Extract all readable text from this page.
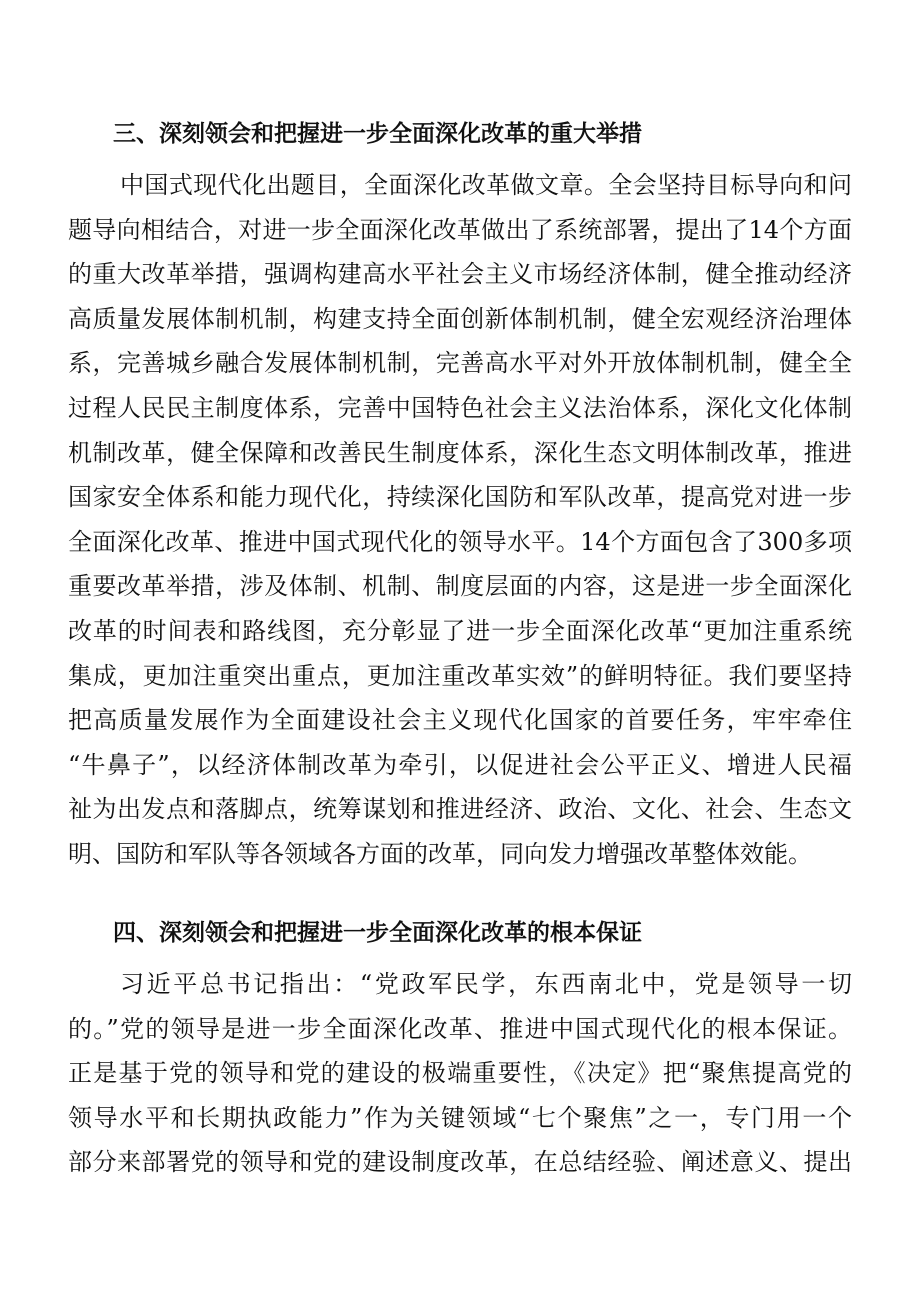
三、深刻领会和把握进一步全面深化改革的重大举措
中国式现代化出题目，全面深化改革做文章。全会坚持目标导向和问
题导向相结合，对进一步全面深化改革做出了系统部署，提出了14个方面
的重大改革举措，强调构建高水平社会主义市场经济体制，健全推动经济
高质量发展体制机制，构建支持全面创新体制机制，健全宏观经济治理体
系，完善城乡融合发展体制机制，完善高水平对外开放体制机制，健全全
过程人民民主制度体系，完善中国特色社会主义法治体系，深化文化体制
机制改革，健全保障和改善民生制度体系，深化生态文明体制改革，推进
国家安全体系和能力现代化，持续深化国防和军队改革，提高党对进一步
全面深化改革、推进中国式现代化的领导水平。14个方面包含了300多项
重要改革举措，涉及体制、机制、制度层面的内容，这是进一步全面深化
改革的时间表和路线图，充分彰显了进一步全面深化改革“更加注重系统
集成，更加注重突出重点，更加注重改革实效”的鲜明特征。我们要坚持
把高质量发展作为全面建设社会主义现代化国家的首要任务，牢牢牵住
“牛鼻子”，以经济体制改革为牵引，以促进社会公平正义、增进人民福
祉为出发点和落脚点，统筹谋划和推进经济、政治、文化、社会、生态文
明、国防和军队等各领域各方面的改革，同向发力增强改革整体效能。
四、深刻领会和把握进一步全面深化改革的根本保证
习近平总书记指出：“党政军民学，东西南北中，党是领导一切
的。”党的领导是进一步全面深化改革、推进中国式现代化的根本保证。
正是基于党的领导和党的建设的极端重要性，《决定》把“聚焦提高党的
领导水平和长期执政能力”作为关键领域“七个聚焦”之一，专门用一个
部分来部署党的领导和党的建设制度改革，在总结经验、阐述意义、提出
